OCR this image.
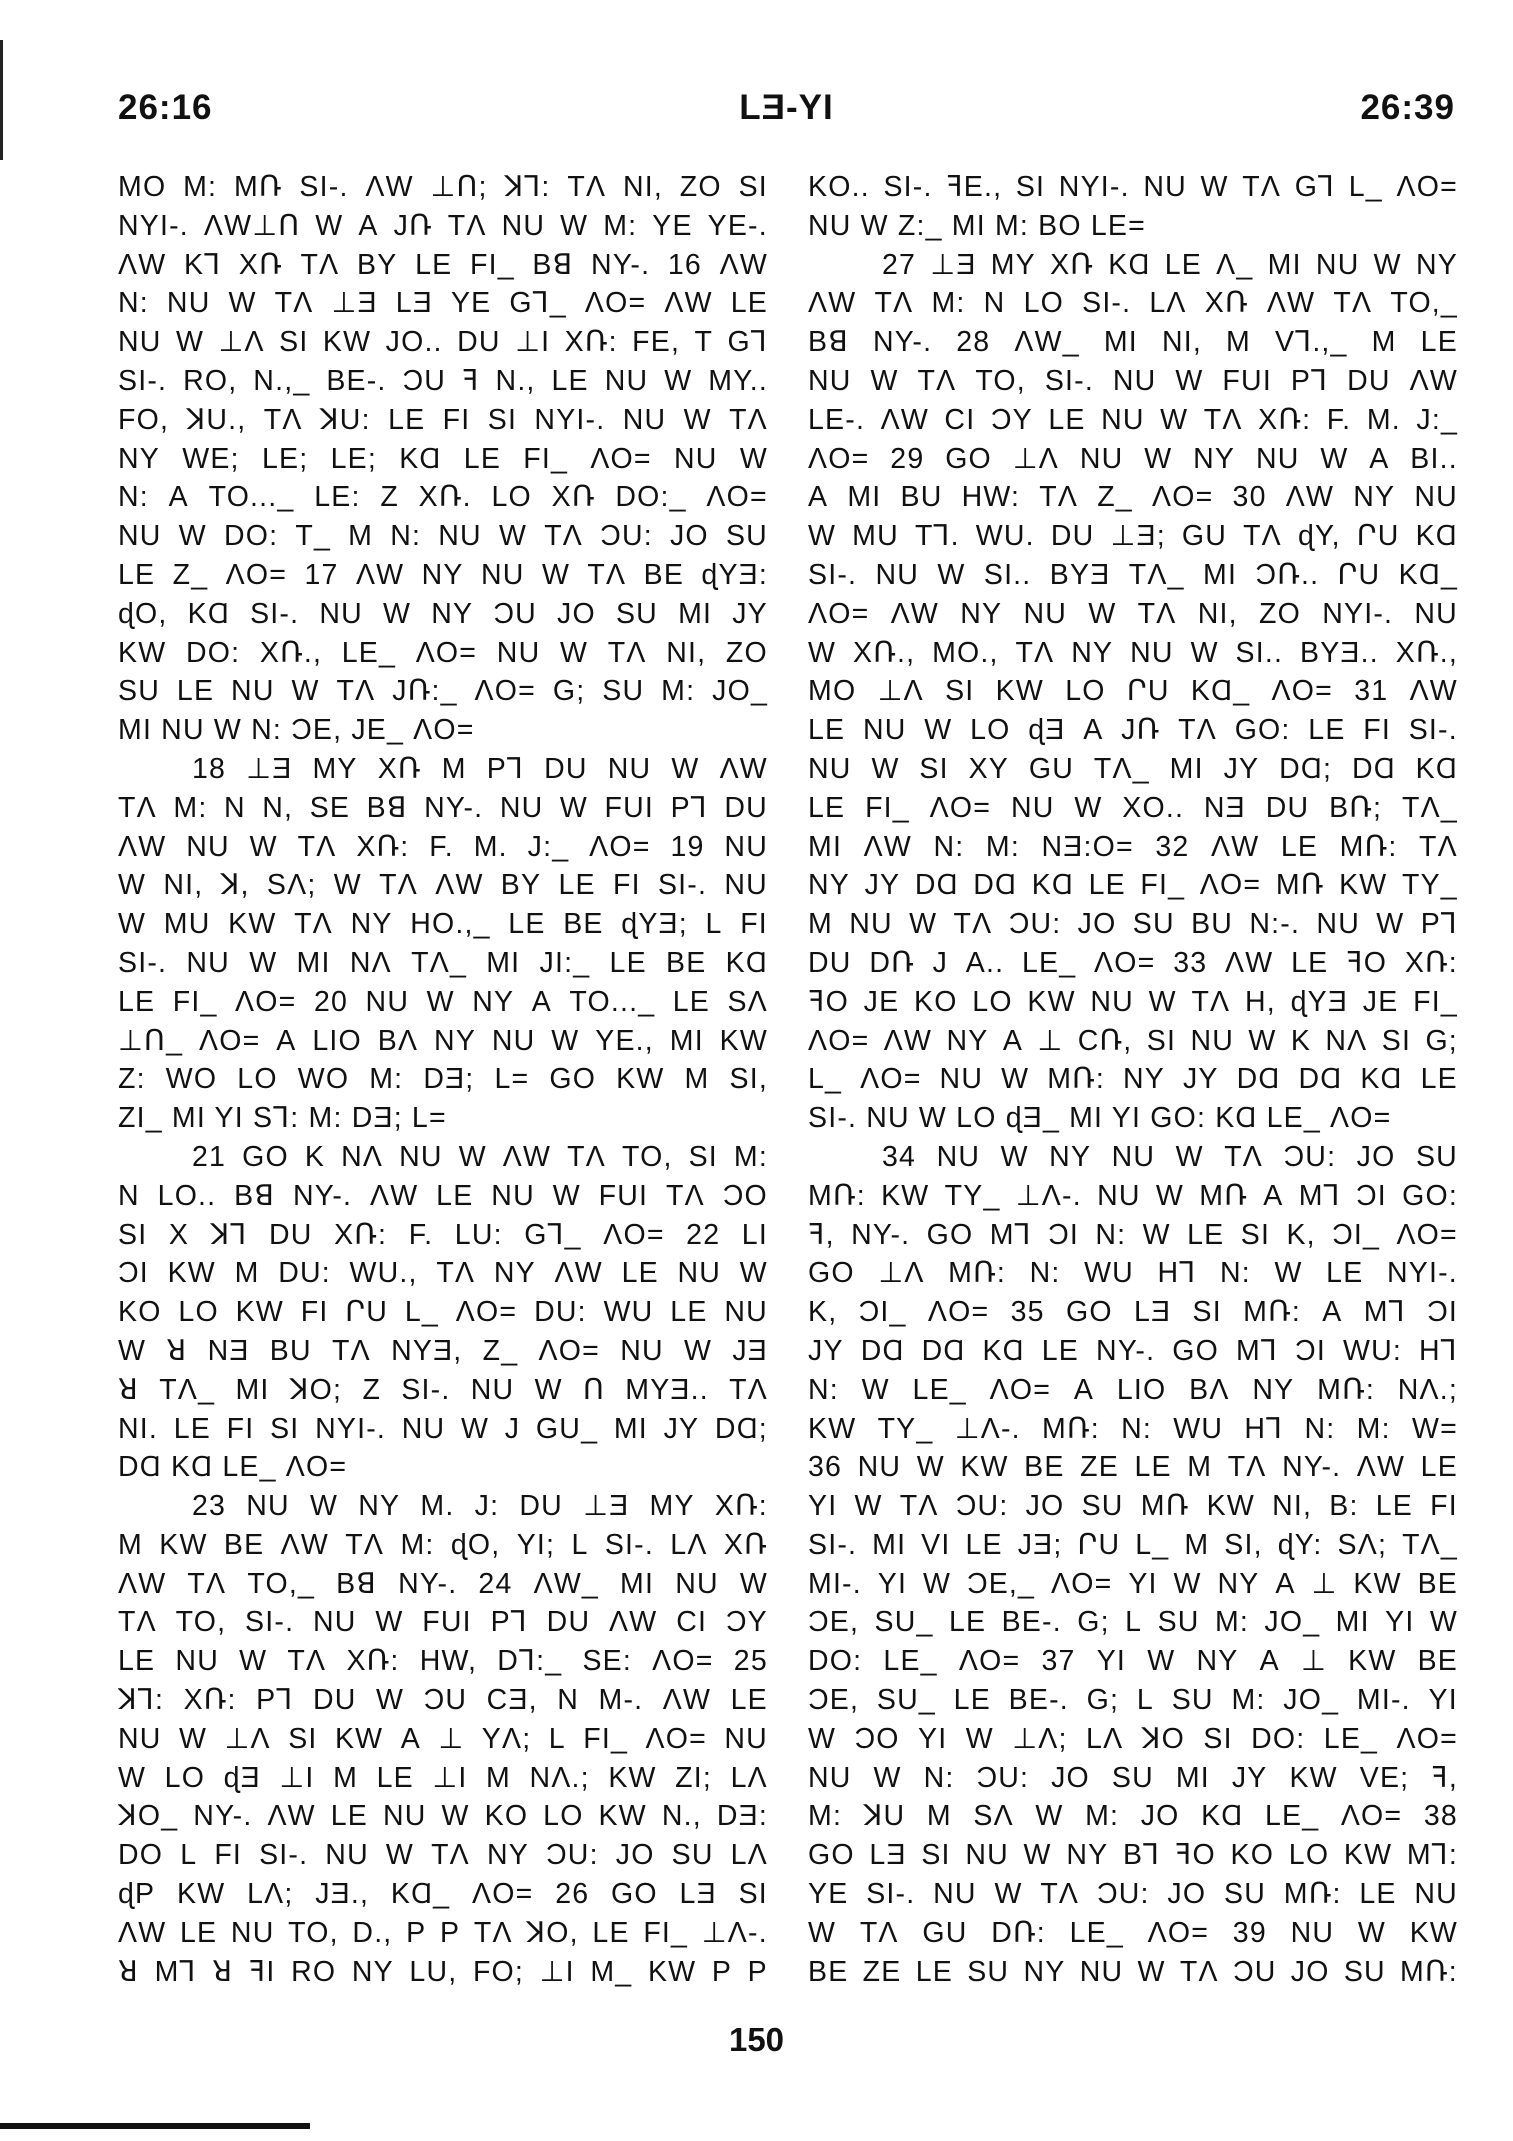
26:16	LƎ-YI	26:39
MO M: MՌ SI-. ɅW ⊥Ո; ꓘꓶ: TɅ NI, ZO SI
NYI-. ɅW⊥Ո W A JՌ TɅ NU W M: YE YE-.
ɅW Kꓶ XՌ TɅ BY LE FI_ Bꓭ NY-. 16 ɅW
N: NU W TɅ ⊥Ǝ LƎ YE Gꓶ_ ɅO= ɅW LE
NU W ⊥Ʌ SI KW JO.. DU ⊥I XՌ: FE, T Gꓶ
SI-. RO, N.,_ BE-. ƆU ꟻ N., LE NU W MY..
FO, ꓘU., TɅ ꓘU: LE FI SI NYI-. NU W TɅ
NY WE; LE; LE; KⱭ LE FI_ ɅO= NU W
N: A TO..._ LE: Z XՌ. LO XՌ DO:_ ɅO=
NU W DO: T_ M N: NU W TɅ ƆU: JO SU
LE Z_ ɅO= 17 ɅW NY NU W TɅ BE ɖYƎ:
ɖO, KⱭ SI-. NU W NY ƆU JO SU MI JY
KW DO: XՌ., LE_ ɅO= NU W TɅ NI, ZO
SU LE NU W TɅ JՌ:_ ɅO= G; SU M: JO_
MI NU W N: ƆE, JE_ ɅO=
18 ⊥Ǝ MY XՌ M Pꓶ DU NU W ɅW
TɅ M: N N, SE Bꓭ NY-. NU W FUI Pꓶ DU
ɅW NU W TɅ XՌ: F. M. J:_ ɅO= 19 NU
W NI, ꓘ, SɅ; W TɅ ɅW BY LE FI SI-. NU
W MU KW TɅ NY HO.,_ LE BE ɖYƎ; L FI
SI-. NU W MI NɅ TɅ_ MI JI:_ LE BE KⱭ
LE FI_ ɅO= 20 NU W NY A TO..._ LE SɅ
⊥Ո_ ɅO= A LIO BɅ NY NU W YE., MI KW
Z: WO LO WO M: DƎ; L= GO KW M SI,
ZI_ MI YI Sꓶ: M: DƎ; L=
21 GO K NɅ NU W ɅW TɅ TO, SI M:
N LO.. Bꓭ NY-. ɅW LE NU W FUI TɅ ƆO
SI X ꓘꓶ DU XՌ: F. LU: Gꓶ_ ɅO= 22 LI
ƆI KW M DU: WU., TɅ NY ɅW LE NU W
KO LO KW FI ՐU L_ ɅO= DU: WU LE NU
W ꓤ NƎ BU TɅ NYƎ, Z_ ɅO= NU W JƎ
ꓤ TɅ_ MI ꓘO; Z SI-. NU W Ո MYƎ.. TɅ
NI. LE FI SI NYI-. NU W J GU_ MI JY DⱭ;
DⱭ KⱭ LE_ ɅO=
23 NU W NY M. J: DU ⊥Ǝ MY XՌ:
M KW BE ɅW TɅ M: ɖO, YI; L SI-. LɅ XՌ
ɅW TɅ TO,_ Bꓭ NY-. 24 ɅW_ MI NU W
TɅ TO, SI-. NU W FUI Pꓶ DU ɅW CI ƆY
LE NU W TɅ XՌ: HW, Dꓶ:_ SE: ɅO= 25
ꓘꓶ: XՌ: Pꓶ DU W ƆU CƎ, N M-. ɅW LE
NU W ⊥Ʌ SI KW A ⊥ YɅ; L FI_ ɅO= NU
W LO ɖƎ ⊥I M LE ⊥I M NɅ.; KW ZI; LɅ
ꓘO_ NY-. ɅW LE NU W KO LO KW N., DƎ:
DO L FI SI-. NU W TɅ NY ƆU: JO SU LɅ
ɖP KW LɅ; JƎ., KⱭ_ ɅO= 26 GO LƎ SI
ɅW LE NU TO, D., P P TɅ ꓘO, LE FI_ ⊥Ʌ-.
ꓤ Mꓶ ꓤ ꟻI RO NY LU, FO; ⊥I M_ KW P P
KO.. SI-. ꟻE., SI NYI-. NU W TɅ Gꓶ L_ ɅO=
NU W Z:_ MI M: BO LE=
27 ⊥Ǝ MY XՌ KⱭ LE Ʌ_ MI NU W NY
ɅW TɅ M: N LO SI-. LɅ XՌ ɅW TɅ TO,_
Bꓭ NY-. 28 ɅW_ MI NI, M Vꓶ.,_ M LE
NU W TɅ TO, SI-. NU W FUI Pꓶ DU ɅW
LE-. ɅW CI ƆY LE NU W TɅ XՌ: F. M. J:_
ɅO= 29 GO ⊥Ʌ NU W NY NU W A BI..
A MI BU HW: TɅ Z_ ɅO= 30 ɅW NY NU
W MU Tꓶ. WU. DU ⊥Ǝ; GU TɅ ɖY, ՐU KⱭ
SI-. NU W SI.. BYƎ TɅ_ MI ƆՌ.. ՐU KⱭ_
ɅO= ɅW NY NU W TɅ NI, ZO NYI-. NU
W XՌ., MO., TɅ NY NU W SI.. BYƎ.. XՌ.,
MO ⊥Ʌ SI KW LO ՐU KⱭ_ ɅO= 31 ɅW
LE NU W LO ɖƎ A JՌ TɅ GO: LE FI SI-.
NU W SI XY GU TɅ_ MI JY DⱭ; DⱭ KⱭ
LE FI_ ɅO= NU W XO.. NƎ DU BՌ; TɅ_
MI ɅW N: M: NƎ:O= 32 ɅW LE MՌ: TɅ
NY JY DⱭ DⱭ KⱭ LE FI_ ɅO= MՌ KW TY_
M NU W TɅ ƆU: JO SU BU N:-. NU W Pꓶ
DU DՌ J A.. LE_ ɅO= 33 ɅW LE ꟻO XՌ:
ꟻO JE KO LO KW NU W TɅ H, ɖYƎ JE FI_
ɅO= ɅW NY A ⊥ CՌ, SI NU W K NɅ SI G;
L_ ɅO= NU W MՌ: NY JY DⱭ DⱭ KⱭ LE
SI-. NU W LO ɖƎ_ MI YI GO: KⱭ LE_ ɅO=
34 NU W NY NU W TɅ ƆU: JO SU
MՌ: KW TY_ ⊥Ʌ-. NU W MՌ A Mꓶ ƆI GO:
ꟻ, NY-. GO Mꓶ ƆI N: W LE SI K, ƆI_ ɅO=
GO ⊥Ʌ MՌ: N: WU Hꓶ N: W LE NYI-.
K, ƆI_ ɅO= 35 GO LƎ SI MՌ: A Mꓶ ƆI
JY DⱭ DⱭ KⱭ LE NY-. GO Mꓶ ƆI WU: Hꓶ
N: W LE_ ɅO= A LIO BɅ NY MՌ: NɅ.;
KW TY_ ⊥Ʌ-. MՌ: N: WU Hꓶ N: M: W=
36 NU W KW BE ZE LE M TɅ NY-. ɅW LE
YI W TɅ ƆU: JO SU MՌ KW NI, B: LE FI
SI-. MI VI LE JƎ; ՐU L_ M SI, ɖY: SɅ; TɅ_
MI-. YI W ƆE,_ ɅO= YI W NY A ⊥ KW BE
ƆE, SU_ LE BE-. G; L SU M: JO_ MI YI W
DO: LE_ ɅO= 37 YI W NY A ⊥ KW BE
ƆE, SU_ LE BE-. G; L SU M: JO_ MI-. YI
W ƆO YI W ⊥Ʌ; LɅ ꓘO SI DO: LE_ ɅO=
NU W N: ƆU: JO SU MI JY KW VE; ꟻ,
M: ꓘU M SɅ W M: JO KⱭ LE_ ɅO= 38
GO LƎ SI NU W NY Bꓶ ꟻO KO LO KW Mꓶ:
YE SI-. NU W TɅ ƆU: JO SU MՌ: LE NU
W TɅ GU DՌ: LE_ ɅO= 39 NU W KW
BE ZE LE SU NY NU W TɅ ƆU JO SU MՌ:
150
